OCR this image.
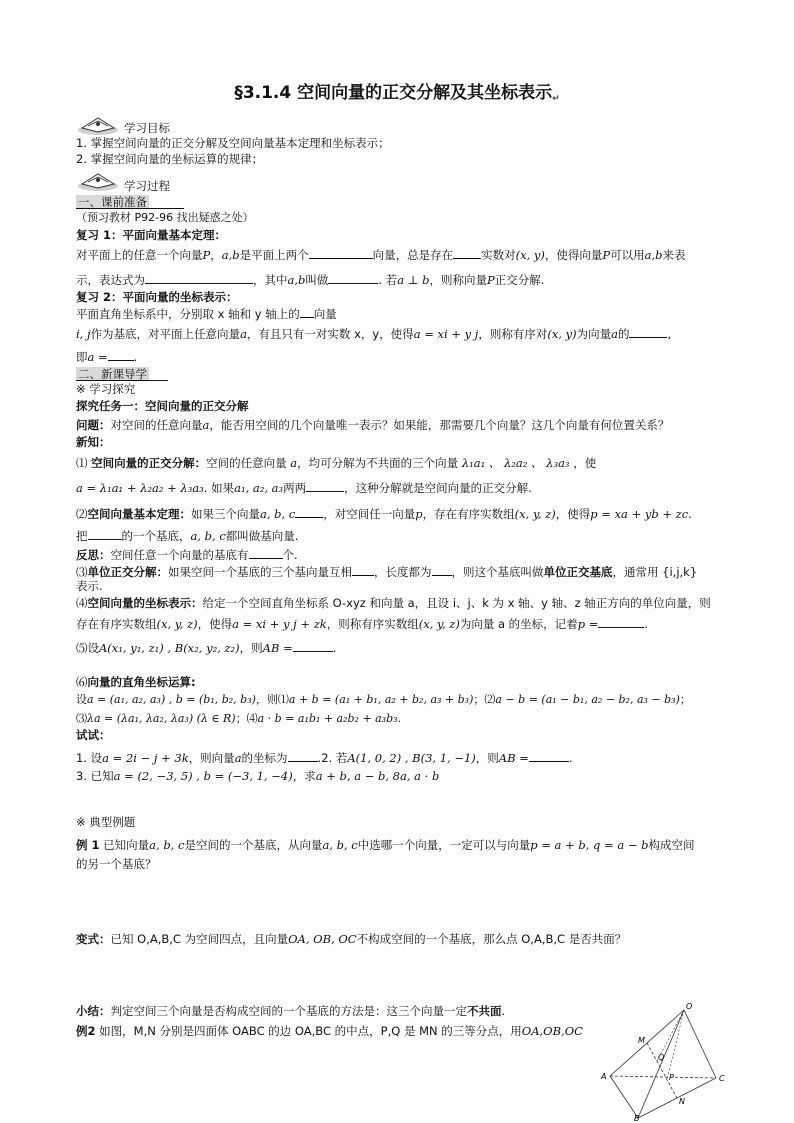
§3.1.4 空间向量的正交分解及其坐标表示↵
学习目标
1. 掌握空间向量的正交分解及空间向量基本定理和坐标表示；
2. 掌握空间向量的坐标运算的规律；
学习过程
一、课前准备
（预习教材 P92-96 找出疑惑之处）
复习 1：平面向量基本定理：
对平面上的任意一个向量P，a,b是平面上两个	向量，总是存在 实数对(x, y)，使得向量P可以用a,b来表
示，表达式为	，其中a,b叫做	. 若a ⊥ b，则称向量P正交分解.
复习 2：平面向量的坐标表示：
平面直角坐标系中，分别取 x 轴和 y 轴上的 向量
i, j作为基底，对平面上任意向量a，有且只有一对实数 x，y，使得a = xi + y j，则称有序对(x, y)为向量a的	,
即a = .
二、新课导学
※ 学习探究
探究任务一：空间向量的正交分解
问题：对空间的任意向量a，能否用空间的几个向量唯一表示？如果能，那需要几个向量？这几个向量有何位置关系？
新知：
⑴ 空间向量的正交分解：空间的任意向量 a，均可分解为不共面的三个向量 λ₁a₁ 、 λ₂a₂ 、 λ₃a₃ ，使
a = λ₁a₁ + λ₂a₂ + λ₃a₃. 如果a₁, a₂, a₃两两	，这种分解就是空间向量的正交分解.
⑵空间向量基本定理：如果三个向量a, b, c ，对空间任一向量p，存在有序实数组(x, y, z)，使得p = xa + yb + zc.
把	的一个基底，a, b, c都叫做基向量.
反思：空间任意一个向量的基底有	个.
⑶单位正交分解：如果空间一个基底的三个基向量互相 ，长度都为 ，则这个基底叫做单位正交基底，通常用 {i,j,k}
表示.
⑷空间向量的坐标表示：给定一个空间直角坐标系 O-xyz 和向量 a，且设 i、j、k 为 x 轴、y 轴、z 轴正方向的单位向量，则
存在有序实数组(x, y, z)，使得a = xi + y j + zk，则称有序实数组(x, y, z)为向量 a 的坐标，记着p =	.
⑸设A(x₁, y₁, z₁) , B(x₂, y₂, z₂)，则AB =	.
⑹向量的直角坐标运算:
设a = (a₁, a₂, a₃) , b = (b₁, b₂, b₃)，则⑴a + b = (a₁ + b₁, a₂ + b₂, a₃ + b₃)；⑵a − b = (a₁ − b₁, a₂ − b₂, a₃ − b₃)；
⑶λa = (λa₁, λa₂, λa₃) (λ ∈ R)；⑷a · b = a₁b₁ + a₂b₂ + a₃b₃.
试试：
1. 设a = 2i − j + 3k，则向量a的坐标为	.2. 若A(1, 0, 2) , B(3, 1, −1)，则AB =	.
3. 已知a = (2, −3, 5) , b = (−3, 1, −4)，求a + b, a − b, 8a, a · b
※ 典型例题
例 1 已知向量a, b, c是空间的一个基底，从向量a, b, c中选哪一个向量，一定可以与向量p = a + b, q = a − b构成空间
的另一个基底？
变式：已知 O,A,B,C 为空间四点，且向量OA, OB, OC不构成空间的一个基底，那么点 O,A,B,C 是否共面？
小结：判定空间三个向量是否构成空间的一个基底的方法是：这三个向量一定不共面.
例2 如图，M,N 分别是四面体 OABC 的边 OA,BC 的中点，P,Q 是 MN 的三等分点，用OA,OB,OC
O
M
Q
P
A	C
B
N
